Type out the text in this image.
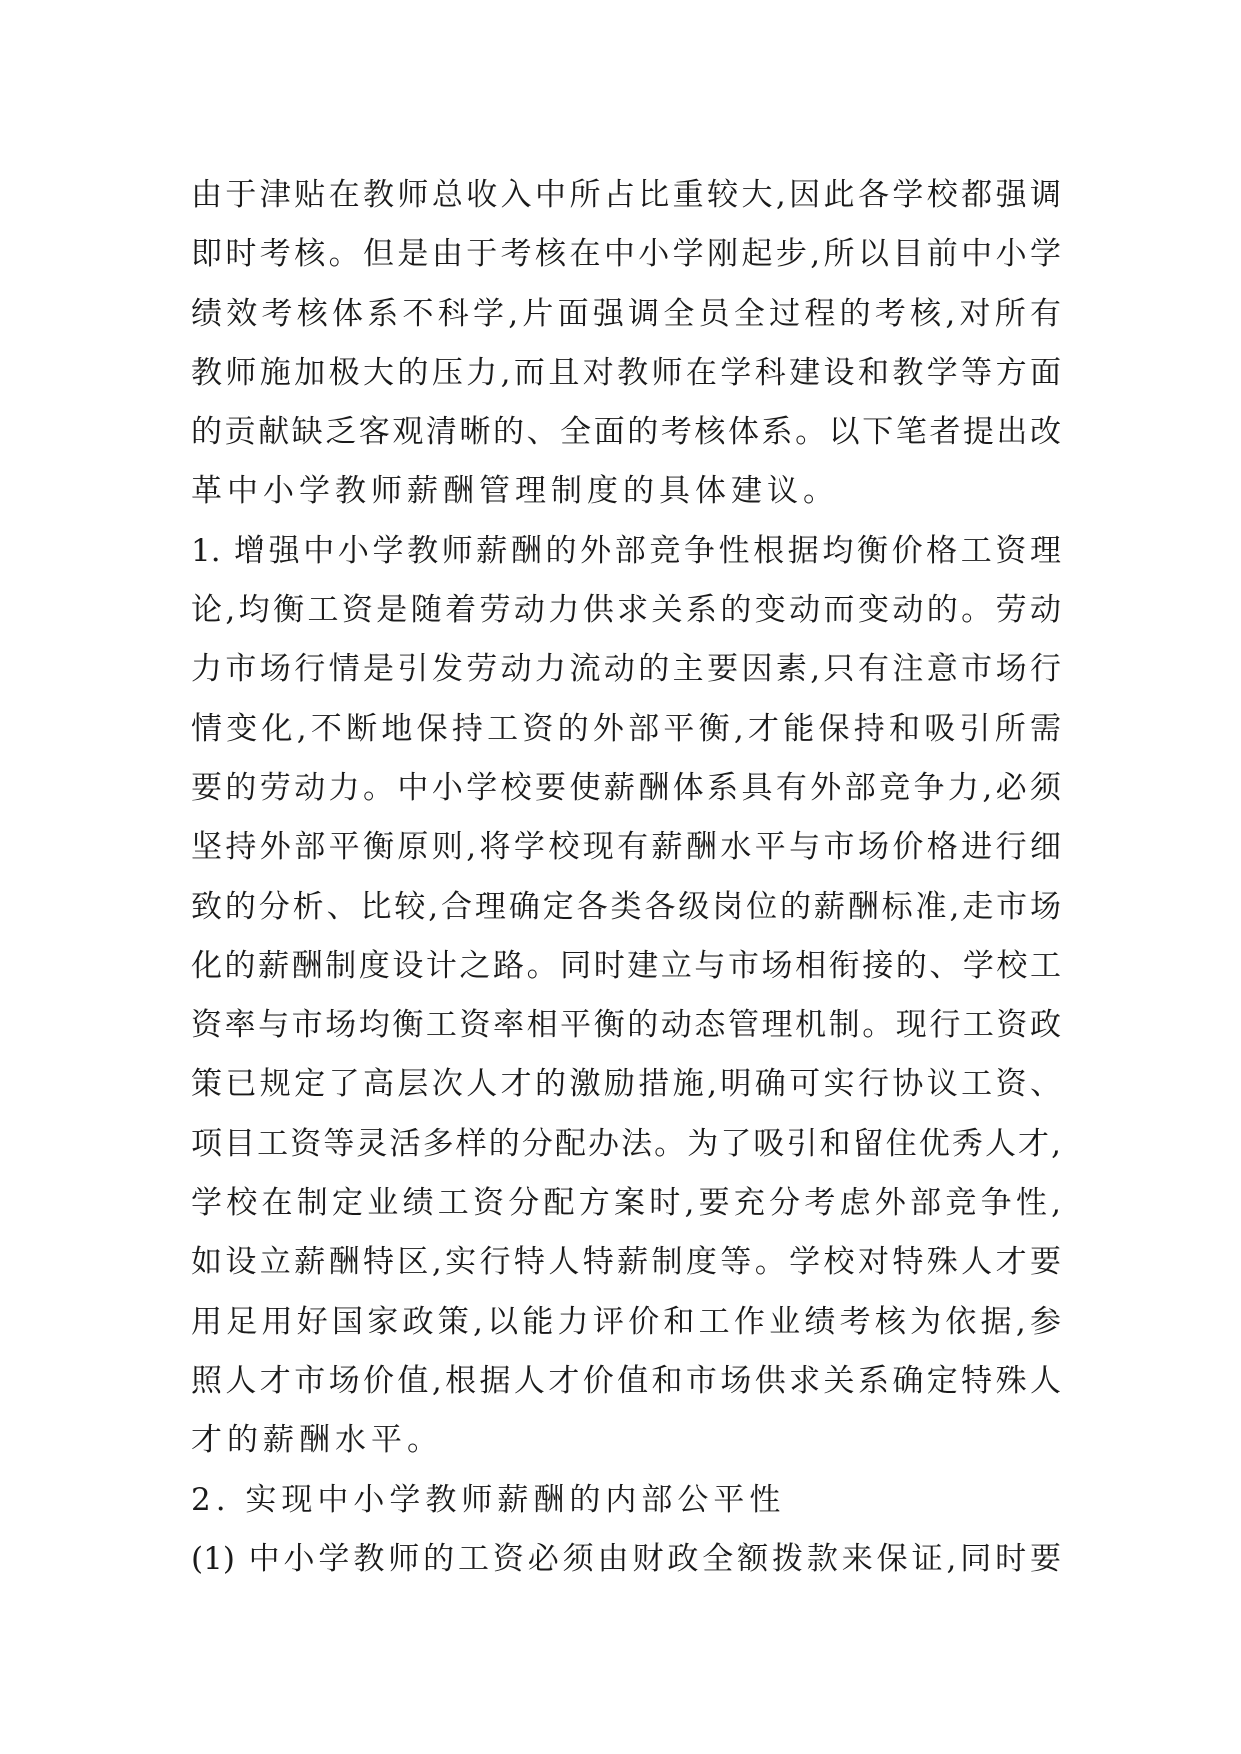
由于津贴在教师总收入中所占比重较大,因此各学校都强调
即时考核。但是由于考核在中小学刚起步,所以目前中小学
绩效考核体系不科学,片面强调全员全过程的考核,对所有
教师施加极大的压力,而且对教师在学科建设和教学等方面
的贡献缺乏客观清晰的、全面的考核体系。以下笔者提出改
革中小学教师薪酬管理制度的具体建议。
1. 增强中小学教师薪酬的外部竞争性根据均衡价格工资理
论,均衡工资是随着劳动力供求关系的变动而变动的。劳动
力市场行情是引发劳动力流动的主要因素,只有注意市场行
情变化,不断地保持工资的外部平衡,才能保持和吸引所需
要的劳动力。中小学校要使薪酬体系具有外部竞争力,必须
坚持外部平衡原则,将学校现有薪酬水平与市场价格进行细
致的分析、比较,合理确定各类各级岗位的薪酬标准,走市场
化的薪酬制度设计之路。同时建立与市场相衔接的、学校工
资率与市场均衡工资率相平衡的动态管理机制。现行工资政
策已规定了高层次人才的激励措施,明确可实行协议工资、
项目工资等灵活多样的分配办法。为了吸引和留住优秀人才,
学校在制定业绩工资分配方案时,要充分考虑外部竞争性,
如设立薪酬特区,实行特人特薪制度等。学校对特殊人才要
用足用好国家政策,以能力评价和工作业绩考核为依据,参
照人才市场价值,根据人才价值和市场供求关系确定特殊人
才的薪酬水平。
2. 实现中小学教师薪酬的内部公平性
(1) 中小学教师的工资必须由财政全额拨款来保证,同时要
